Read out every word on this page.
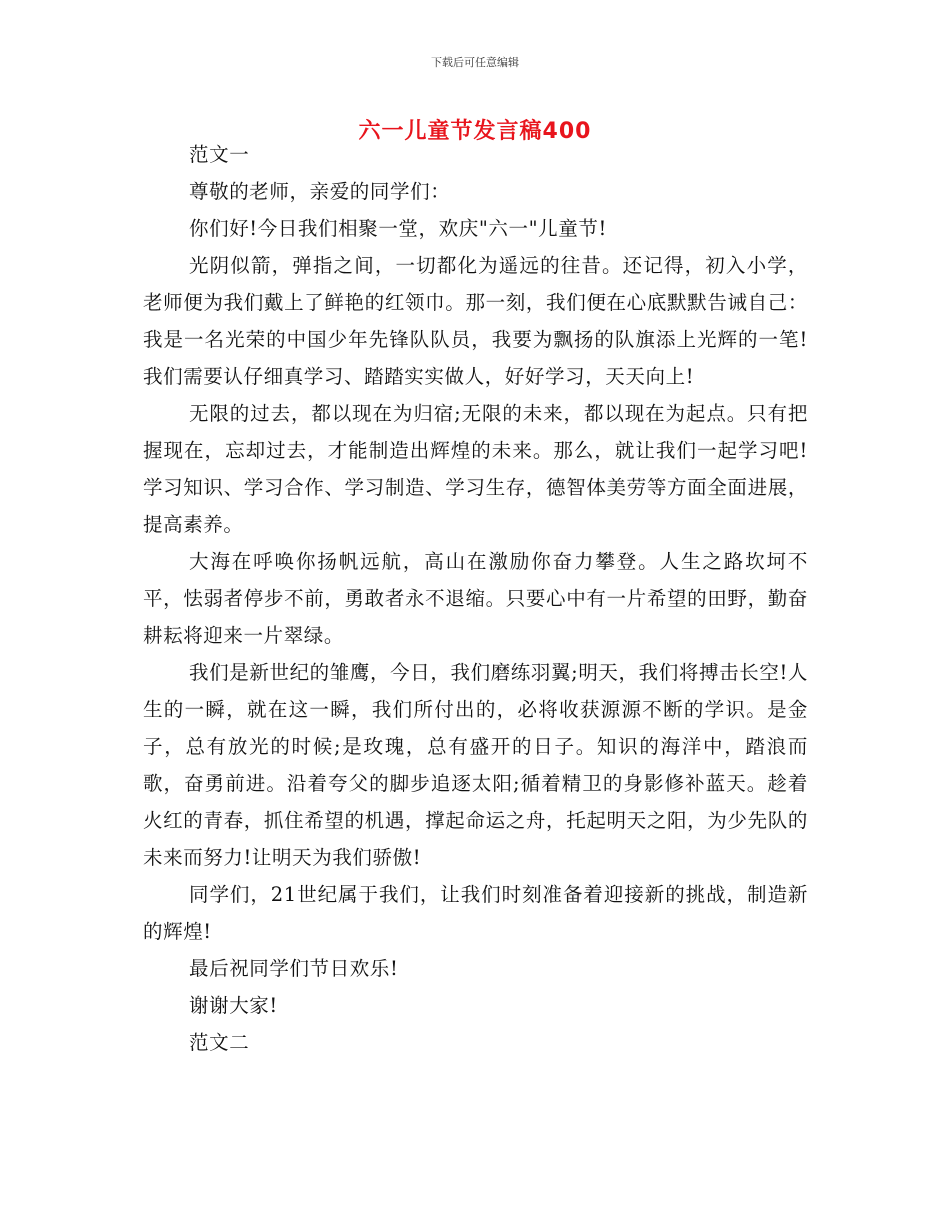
下载后可任意编辑
六一儿童节发言稿400

范文一

尊敬的老师，亲爱的同学们：

你们好!今日我们相聚一堂，欢庆"六一"儿童节!

光阴似箭，弹指之间，一切都化为遥远的往昔。还记得，初入小学，老师便为我们戴上了鲜艳的红领巾。那一刻，我们便在心底默默告诫自己：我是一名光荣的中国少年先锋队队员，我要为飘扬的队旗添上光辉的一笔!我们需要认仔细真学习、踏踏实实做人，好好学习，天天向上!

无限的过去，都以现在为归宿;无限的未来，都以现在为起点。只有把握现在，忘却过去，才能制造出辉煌的未来。那么，就让我们一起学习吧!学习知识、学习合作、学习制造、学习生存，德智体美劳等方面全面进展，提高素养。

大海在呼唤你扬帆远航，高山在激励你奋力攀登。人生之路坎坷不平，怯弱者停步不前，勇敢者永不退缩。只要心中有一片希望的田野，勤奋耕耘将迎来一片翠绿。

我们是新世纪的雏鹰，今日，我们磨练羽翼;明天，我们将搏击长空!人生的一瞬，就在这一瞬，我们所付出的，必将收获源源不断的学识。是金子，总有放光的时候;是玫瑰，总有盛开的日子。知识的海洋中，踏浪而歌，奋勇前进。沿着夸父的脚步追逐太阳;循着精卫的身影修补蓝天。趁着火红的青春，抓住希望的机遇，撑起命运之舟，托起明天之阳，为少先队的未来而努力!让明天为我们骄傲!

同学们，21世纪属于我们，让我们时刻准备着迎接新的挑战，制造新的辉煌!

最后祝同学们节日欢乐!

谢谢大家!

范文二
